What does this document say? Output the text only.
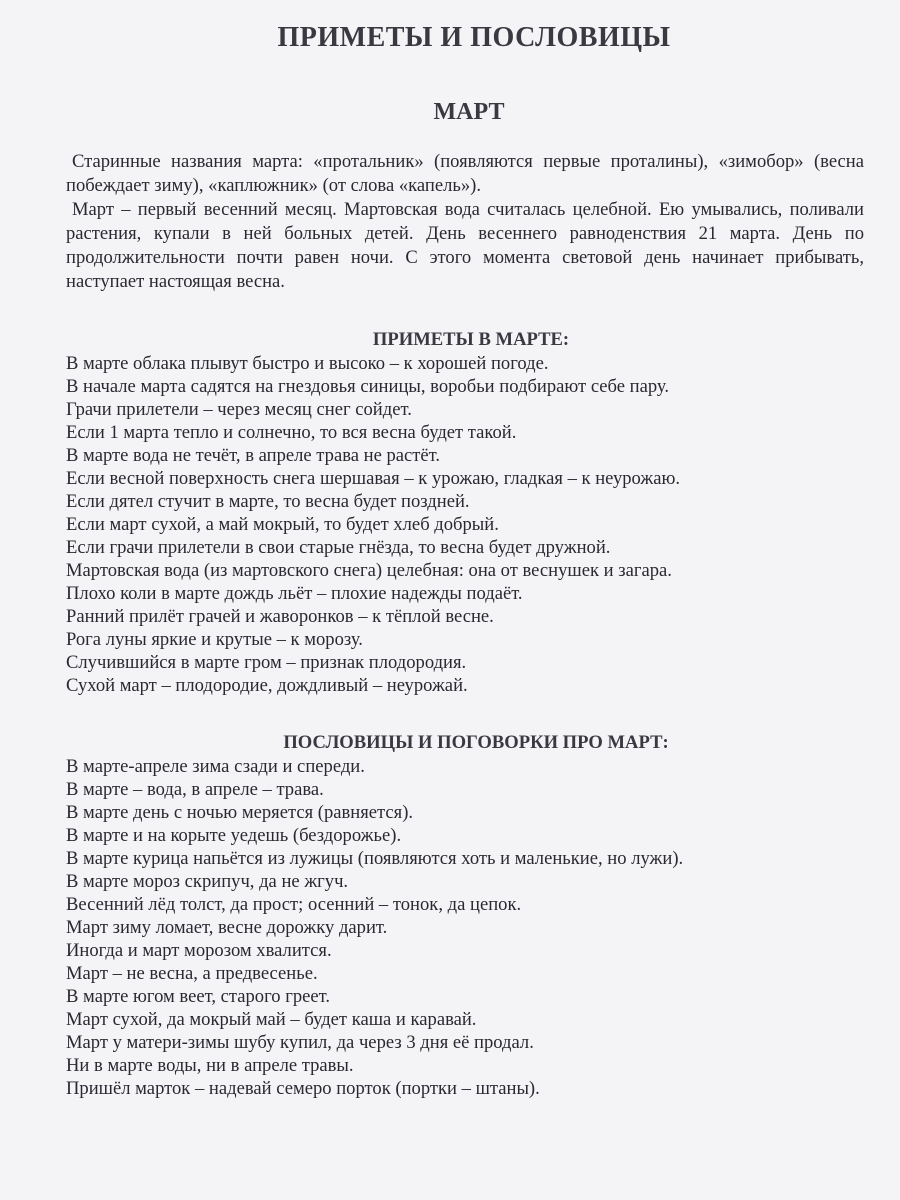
ПРИМЕТЫ И ПОСЛОВИЦЫ
МАРТ

Старинные названия марта: «протальник» (появляются первые проталины), «зимобор» (весна побеждает зиму), «каплюжник» (от слова «капель»).

Март – первый весенний месяц. Мартовская вода считалась целебной. Ею умывались, поливали растения, купали в ней больных детей. День весеннего равноденствия 21 марта. День по продолжительности почти равен ночи. С этого момента световой день начинает прибывать, наступает настоящая весна.

ПРИМЕТЫ В МАРТЕ:
В марте облака плывут быстро и высоко – к хорошей погоде.
В начале марта садятся на гнездовья синицы, воробьи подбирают себе пару.
Грачи прилетели – через месяц снег сойдет.
Если 1 марта тепло и солнечно, то вся весна будет такой.
В марте вода не течёт, в апреле трава не растёт.
Если весной поверхность снега шершавая – к урожаю, гладкая – к неурожаю.
Если дятел стучит в марте, то весна будет поздней.
Если март сухой, а май мокрый, то будет хлеб добрый.
Если грачи прилетели в свои старые гнёзда, то весна будет дружной.
Мартовская вода (из мартовского снега) целебная: она от веснушек и загара.
Плохо коли в марте дождь льёт – плохие надежды подаёт.
Ранний прилёт грачей и жаворонков – к тёплой весне.
Рога луны яркие и крутые – к морозу.
Случившийся в марте гром – признак плодородия.
Сухой март – плодородие, дождливый – неурожай.
ПОСЛОВИЦЫ И ПОГОВОРКИ ПРО МАРТ:
В марте-апреле зима сзади и спереди.
В марте – вода, в апреле – трава.
В марте день с ночью меряется (равняется).
В марте и на корыте уедешь (бездорожье).
В марте курица напьётся из лужицы (появляются хоть и маленькие, но лужи).
В марте мороз скрипуч, да не жгуч.
Весенний лёд толст, да прост; осенний – тонок, да цепок.
Март зиму ломает, весне дорожку дарит.
Иногда и март морозом хвалится.
Март – не весна, а предвесенье.
В марте югом веет, старого греет.
Март сухой, да мокрый май – будет каша и каравай.
Март у матери-зимы шубу купил, да через 3 дня её продал.
Ни в марте воды, ни в апреле травы.
Пришёл марток – надевай семеро порток (портки – штаны).
